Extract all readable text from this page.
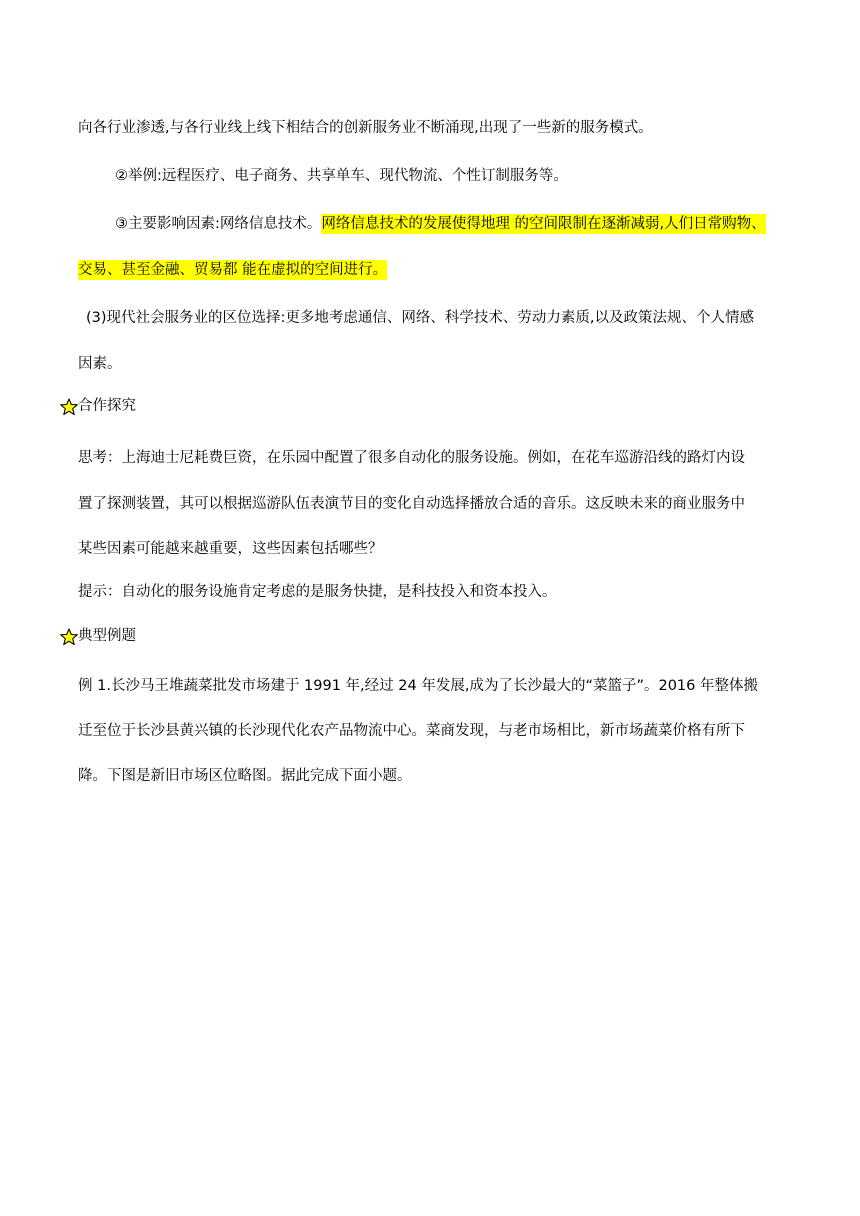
向各行业渗透,与各行业线上线下相结合的创新服务业不断涌现,出现了一些新的服务模式。
②举例:远程医疗、电子商务、共享单车、现代物流、个性订制服务等。
③主要影响因素:网络信息技术。网络信息技术的发展使得地理 的空间限制在逐渐减弱,人们日常购物、
交易、甚至金融、贸易都 能在虚拟的空间进行。
(3)现代社会服务业的区位选择:更多地考虑通信、网络、科学技术、劳动力素质,以及政策法规、个人情感
因素。
合作探究
思考：上海迪士尼耗费巨资，在乐园中配置了很多自动化的服务设施。例如，在花车巡游沿线的路灯内设
置了探测装置，其可以根据巡游队伍表演节目的变化自动选择播放合适的音乐。这反映未来的商业服务中
某些因素可能越来越重要，这些因素包括哪些？
提示：自动化的服务设施肯定考虑的是服务快捷，是科技投入和资本投入。
典型例题
例 1.长沙马王堆蔬菜批发市场建于 1991 年,经过 24 年发展,成为了长沙最大的“菜篮子”。2016 年整体搬
迁至位于长沙县黄兴镇的长沙现代化农产品物流中心。菜商发现，与老市场相比，新市场蔬菜价格有所下
降。下图是新旧市场区位略图。据此完成下面小题。
